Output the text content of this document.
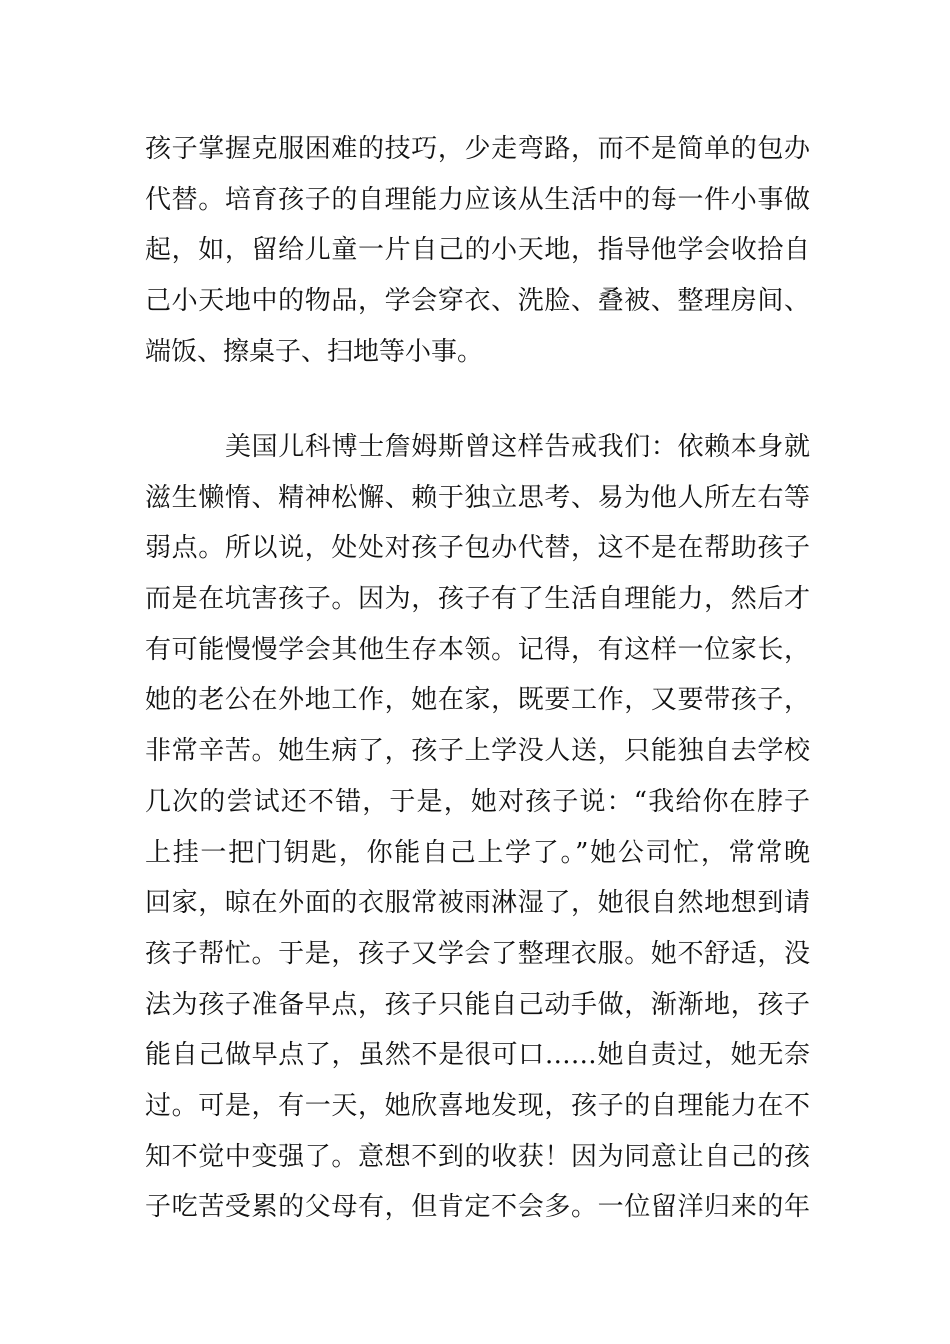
孩子掌握克服困难的技巧，少走弯路，而不是简单的包办
代替。培育孩子的自理能力应该从生活中的每一件小事做
起，如，留给儿童一片自己的小天地，指导他学会收拾自
己小天地中的物品，学会穿衣、洗脸、叠被、整理房间、
端饭、擦桌子、扫地等小事。
美国儿科博士詹姆斯曾这样告戒我们：依赖本身就
滋生懒惰、精神松懈、赖于独立思考、易为他人所左右等
弱点。所以说，处处对孩子包办代替，这不是在帮助孩子
而是在坑害孩子。因为，孩子有了生活自理能力，然后才
有可能慢慢学会其他生存本领。记得，有这样一位家长，
她的老公在外地工作，她在家，既要工作，又要带孩子，
非常辛苦。她生病了，孩子上学没人送，只能独自去学校
几次的尝试还不错，于是，她对孩子说：“我给你在脖子
上挂一把门钥匙，你能自己上学了。”她公司忙，常常晚
回家，晾在外面的衣服常被雨淋湿了，她很自然地想到请
孩子帮忙。于是，孩子又学会了整理衣服。她不舒适，没
法为孩子准备早点，孩子只能自己动手做，渐渐地，孩子
能自己做早点了，虽然不是很可口……她自责过，她无奈
过。可是，有一天，她欣喜地发现，孩子的自理能力在不
知不觉中变强了。意想不到的收获！因为同意让自己的孩
子吃苦受累的父母有，但肯定不会多。一位留洋归来的年
